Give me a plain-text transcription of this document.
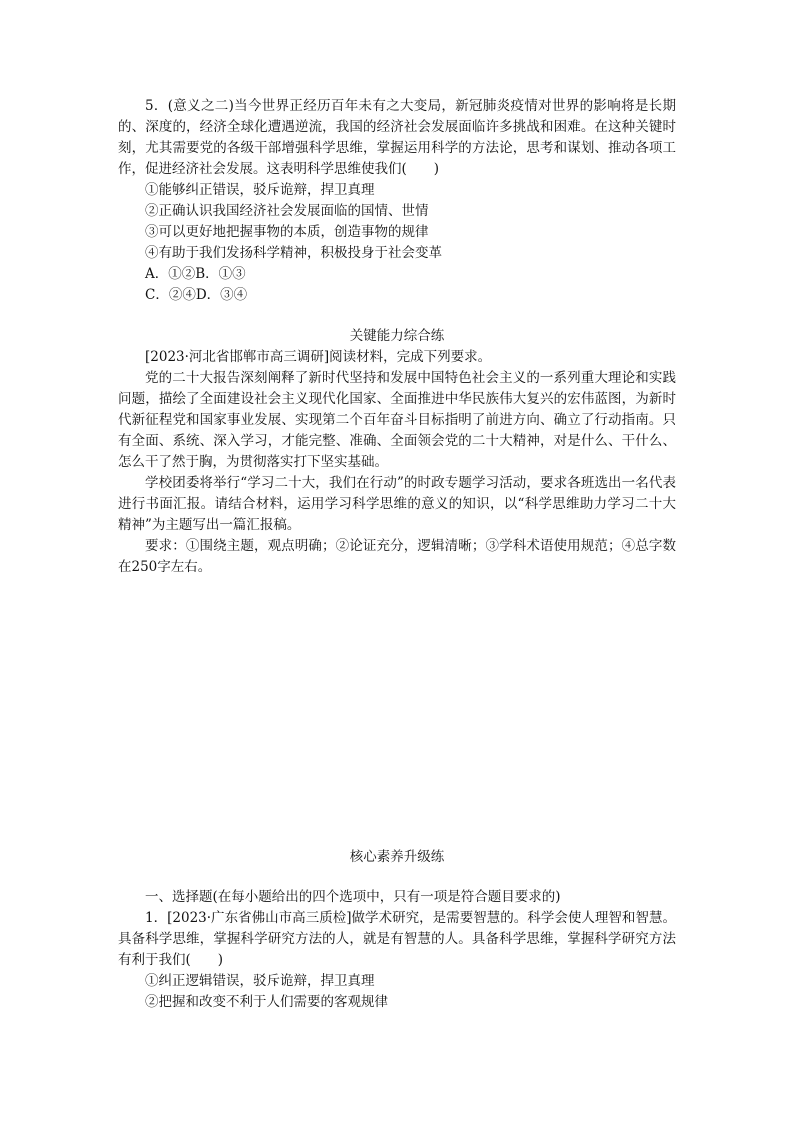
5．(意义之二)当今世界正经历百年未有之大变局，新冠肺炎疫情对世界的影响将是长期的、深度的，经济全球化遭遇逆流，我国的经济社会发展面临许多挑战和困难。在这种关键时刻，尤其需要党的各级干部增强科学思维，掌握运用科学的方法论，思考和谋划、推动各项工作，促进经济社会发展。这表明科学思维使我们(　　)

①能够纠正错误，驳斥诡辩，捍卫真理

②正确认识我国经济社会发展面临的国情、世情

③可以更好地把握事物的本质，创造事物的规律

④有助于我们发扬科学精神，积极投身于社会变革

A．①②B．①③

C．②④D．③④

关键能力综合练

[2023·河北省邯郸市高三调研]阅读材料，完成下列要求。

党的二十大报告深刻阐释了新时代坚持和发展中国特色社会主义的一系列重大理论和实践问题，描绘了全面建设社会主义现代化国家、全面推进中华民族伟大复兴的宏伟蓝图，为新时代新征程党和国家事业发展、实现第二个百年奋斗目标指明了前进方向、确立了行动指南。只有全面、系统、深入学习，才能完整、准确、全面领会党的二十大精神，对是什么、干什么、怎么干了然于胸，为贯彻落实打下坚实基础。

学校团委将举行“学习二十大，我们在行动”的时政专题学习活动，要求各班选出一名代表进行书面汇报。请结合材料，运用学习科学思维的意义的知识，以“科学思维助力学习二十大精神”为主题写出一篇汇报稿。

要求：①围绕主题，观点明确；②论证充分，逻辑清晰；③学科术语使用规范；④总字数在250字左右。

核心素养升级练

一、选择题(在每小题给出的四个选项中，只有一项是符合题目要求的)

1．[2023·广东省佛山市高三质检]做学术研究，是需要智慧的。科学会使人理智和智慧。具备科学思维，掌握科学研究方法的人，就是有智慧的人。具备科学思维，掌握科学研究方法有利于我们(　　)

①纠正逻辑错误，驳斥诡辩，捍卫真理

②把握和改变不利于人们需要的客观规律
